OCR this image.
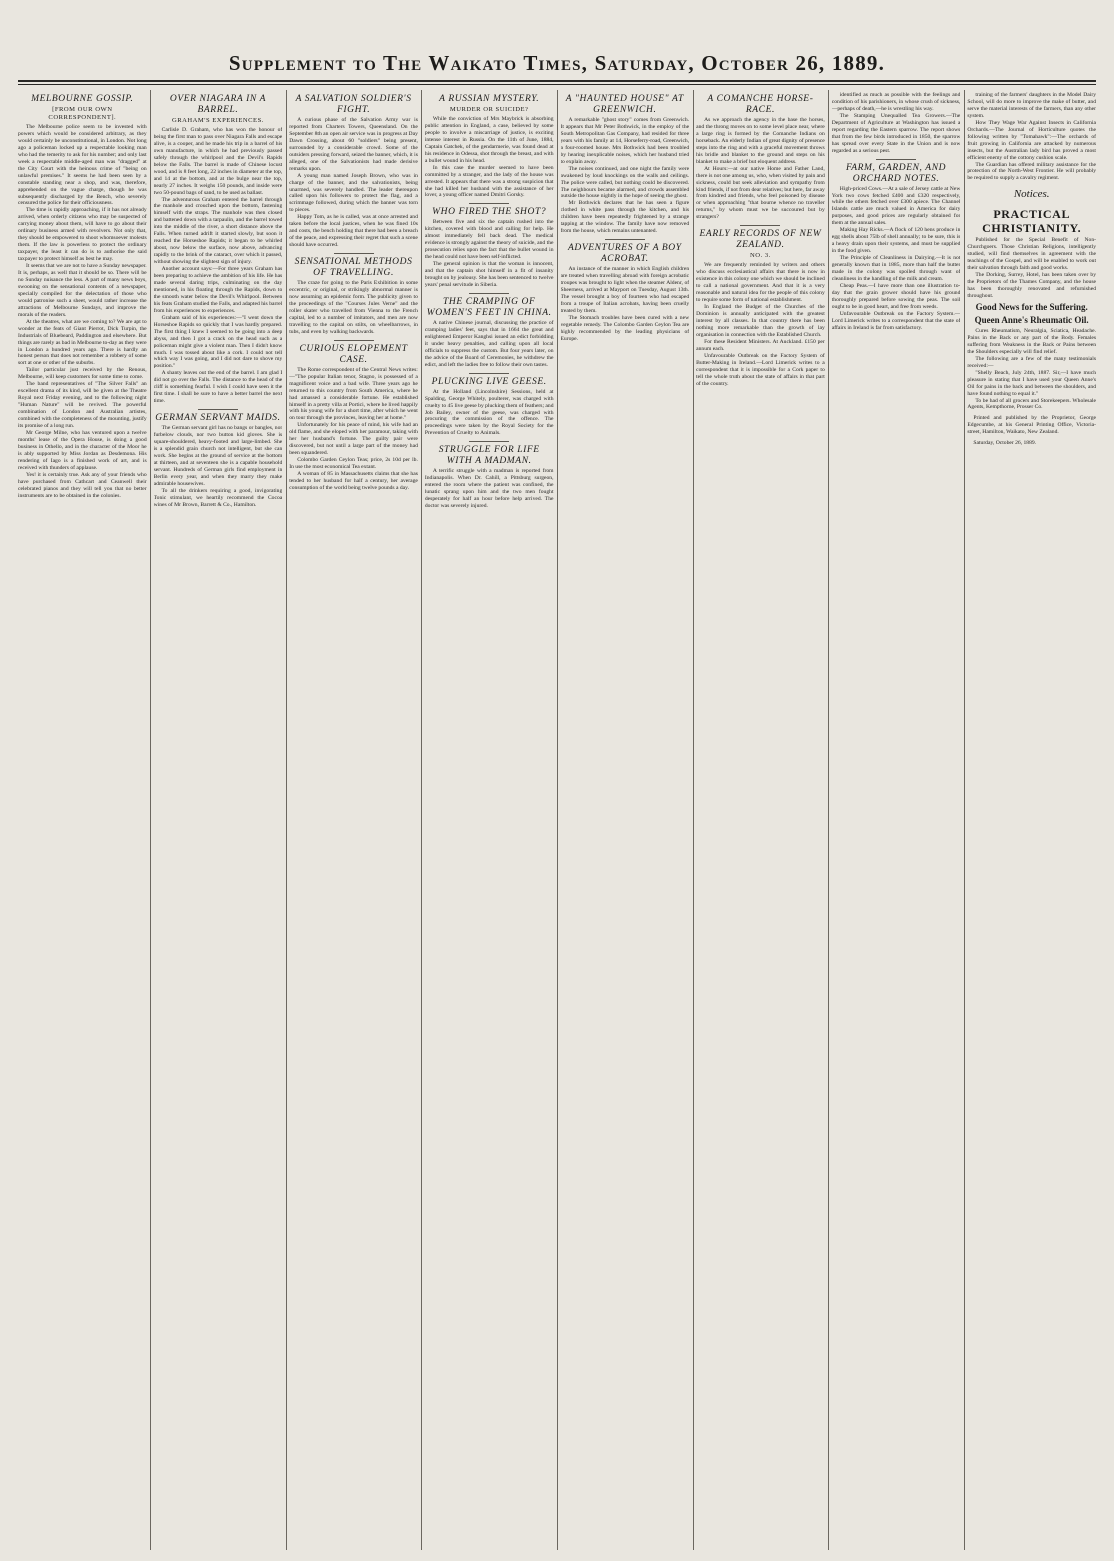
Supplement to The Waikato Times, Saturday, October 26, 1889.
MELBOURNE GOSSIP.
[FROM OUR OWN CORRESPONDENT].

The Melbourne police seem to be invested with powers which would be considered arbitrary, as they would certainly be unconstitutional, in London. Not long ago a policeman locked up a respectable looking man who had the temerity to ask for his number; and only last week a respectable middle-aged man was "dragged" at the City Court with the heinous crime of "being on unlawful premises." It seems he had been seen by a constable standing near a shop, and was, therefore, apprehended on the vague charge, though he was subsequently discharged by the Bench, who severely censured the police for their officiousness.

The time is rapidly approaching, if it has not already arrived, when orderly citizens who may be suspected of carrying money about them, will have to go about their ordinary business armed with revolvers. Not only that, they should be empowered to shoot whomsoever molests them. If the law is powerless to protect the ordinary taxpayer, the least it can do is to authorise the said taxpayer to protect himself as best he may.

It seems that we are not to have a Sunday newspaper. It is, perhaps, as well that it should be so. There will be no Sunday nuisance the less. A part of many news boys, swooning on the sensational contents of a newspaper, specially compiled for the delectation of those who would patronise such a sheet, would rather increase the attractions of Melbourne Sundays, and improve the morals of the readers.

At the theatres, what are we coming to? We are apt to wonder at the feats of Giant Pierrot, Dick Turpin, the Industrials of Bluebeard, Paddington and elsewhere. But things are rarely as bad in Melbourne to-day as they were in London a hundred years ago. There is hardly an honest person that does not remember a robbery of some sort at one or other of the suburbs.

Tailor particular just received by the Renous, Melbourne, will keep customers for some time to come.

The band representatives of "The Silver Falls" an excellent drama of its kind, will be given at the Theatre Royal next Friday evening, and to the following night "Human Nature" will be revived. The powerful combination of London and Australian artistes, combined with the completeness of the mounting, justify its promise of a long run.

Mr George Milne, who has ventured upon a twelve months' lease of the Opera House, is doing a good business in Othello, and in the character of the Moor he is ably supported by Miss Jordan as Desdemona. His rendering of Iago is a finished work of art, and is received with thunders of applause.

Yes! it is certainly true. Ask any of your friends who have purchased from Cathcart and Ceanwell their celebrated pianos and they will tell you that no better instruments are to be obtained in the colonies.

OVER NIAGARA IN A BARREL.
GRAHAM'S EXPERIENCES.

Carlisle D. Graham, who has won the honour of being the first man to pass over Niagara Falls and escape alive, is a cooper, and he made his trip in a barrel of his own manufacture, in which he had previously passed safely through the whirlpool and the Devil's Rapids below the Falls. The barrel is made of Chinese locust wood, and is 8 feet long, 22 inches in diameter at the top, and 14 at the bottom, and at the bulge near the top, nearly 27 inches. It weighs 150 pounds, and inside were two 50-pound bags of sand, to be used as ballast.

The adventurous Graham entered the barrel through the manhole and crouched upon the bottom, fastening himself with the straps. The manhole was then closed and battened down with a tarpaulin, and the barrel towed into the middle of the river, a short distance above the Falls. When turned adrift it started slowly, but soon it reached the Horseshoe Rapids; it began to be whirled about, now below the surface, now above, advancing rapidly to the brink of the cataract, over which it passed, without showing the slightest sign of injury.

Another account says:—For three years Graham has been preparing to achieve the ambition of his life. He has made several daring trips, culminating on the day mentioned, in his floating through the Rapids, down to the smooth water below the Devil's Whirlpool. Between his feats Graham studied the Falls, and adapted his barrel from his experiences to experiences.

Graham said of his experiences:—"I went down the Horseshoe Rapids so quickly that I was hardly prepared. The first thing I knew I seemed to be going into a deep abyss, and then I got a crack on the head such as a policeman might give a violent man. Then I didn't know much. I was tossed about like a cork. I could not tell which way I was going, and I did not dare to shove my position."

A shanty leaves out the end of the barrel. I am glad I did not go over the Falls. The distance to the head of the cliff is something fearful. I wish I could have seen it the first time. I shall be sure to have a better barrel the next time.

GERMAN SERVANT MAIDS.

The German servant girl has no bangs or bangles, nor furbelow clouds, nor two button kid gloves. She is square-shouldered, heavy-footed and large-limbed. She is a splendid grain church not intelligent, but she can work. She begins at the ground of service at the bottom at thirteen, and at seventeen she is a capable household servant. Hundreds of German girls find employment in Berlin every year, and when they marry they make admirable housewives.

To all the drinkers requiring a good, invigorating Tonic stimulant, we heartily recommend the Cocoa wines of Mr Brown, Barrett & Co., Hamilton.

A SALVATION SOLDIER'S FIGHT.

A curious phase of the Salvation Army war is reported from Charters Towers, Queensland. On the September 8th an open air service was in progress at Day Dawn Crossing, about 60 "soldiers" being present, surrounded by a considerable crowd. Some of the outsiders pressing forward, seized the banner, which, it is alleged, one of the Salvationists had made derisive remarks upon.

A young man named Joseph Brown, who was in charge of the banner, and the salvationists, being unarmed, was severely handled. The leader thereupon called upon his followers to protect the flag, and a scrimmage followed, during which the banner was torn to pieces.

Happy Tom, as he is called, was at once arrested and taken before the local justices, when he was fined 10s and costs, the bench holding that there had been a breach of the peace, and expressing their regret that such a scene should have occurred.

SENSATIONAL METHODS OF TRAVELLING.

The craze for going to the Paris Exhibition in some eccentric, or original, or strikingly abnormal manner is now assuming an epidemic form. The publicity given to the proceedings of the "Courses Jules Verne" and the roller skater who travelled from Vienna to the French capital, led to a number of imitators, and men are now travelling to the capital on stilts, on wheelbarrows, in tubs, and even by walking backwards.

CURIOUS ELOPEMENT CASE.

The Rome correspondent of the Central News writes:—"The popular Italian tenor, Stagno, is possessed of a magnificent voice and a bad wife. Three years ago he returned to this country from South America, where he had amassed a considerable fortune. He established himself in a pretty villa at Portici, where he lived happily with his young wife for a short time, after which he went on tour through the provinces, leaving her at home."

Unfortunately for his peace of mind, his wife had an old flame, and she eloped with her paramour, taking with her her husband's fortune. The guilty pair were discovered, but not until a large part of the money had been squandered.

Colombo Garden Ceylon Teas; price, 2s 10d per lb. In use the most economical Tea extant.

A woman of 85 in Massachusetts claims that she has tended to her husband for half a century, her average consumption of the world being twelve pounds a day.

A RUSSIAN MYSTERY.
MURDER OR SUICIDE?

While the conviction of Mrs Maybrick is absorbing public attention in England, a case, believed by some people to involve a miscarriage of justice, is exciting intense interest in Russia. On the 11th of June, 1884, Captain Gatchek, of the gendarmerie, was found dead at his residence in Odessa, shot through the breast, and with a bullet wound in his head.

In this case the murder seemed to have been committed by a stranger, and the lady of the house was arrested. It appears that there was a strong suspicion that she had killed her husband with the assistance of her lover, a young officer named Dmitri Gorsky.

WHO FIRED THE SHOT?

Between five and six the captain rushed into the kitchen, covered with blood and calling for help. He almost immediately fell back dead. The medical evidence is strongly against the theory of suicide, and the prosecution relies upon the fact that the bullet wound in the head could not have been self-inflicted.

The general opinion is that the woman is innocent, and that the captain shot himself in a fit of insanity brought on by jealousy. She has been sentenced to twelve years' penal servitude in Siberia.

THE CRAMPING OF WOMEN'S FEET IN CHINA.

A native Chinese journal, discussing the practice of cramping ladies' feet, says that in 1664 the great and enlightened Emperor Kanghsi issued an edict forbidding it under heavy penalties, and calling upon all local officials to suppress the custom. But four years later, on the advice of the Board of Ceremonies, he withdrew the edict, and left the ladies free to follow their own tastes.

PLUCKING LIVE GEESE.

At the Holland (Lincolnshire) Sessions, held at Spalding, George Whitely, poulterer, was charged with cruelty to 45 live geese by plucking them of feathers; and Job Bailey, owner of the geese, was charged with procuring the commission of the offence. The proceedings were taken by the Royal Society for the Prevention of Cruelty to Animals.

STRUGGLE FOR LIFE WITH A MADMAN.

A terrific struggle with a madman is reported from Indianapolis. When Dr. Cahill, a Pittsburg surgeon, entered the room where the patient was confined, the lunatic sprang upon him and the two men fought desperately for half an hour before help arrived. The doctor was severely injured.

A "HAUNTED HOUSE" AT GREENWICH.

A remarkable "ghost story" comes from Greenwich. It appears that Mr Peter Bothwick, in the employ of the South Metropolitan Gas Company, had resided for three years with his family at 14, Horseferry-road, Greenwich, a four-roomed house. Mrs Bothwick had been troubled by hearing inexplicable noises, which her husband tried to explain away.

The noises continued, and one night the family were awakened by loud knockings on the walls and ceilings. The police were called, but nothing could be discovered. The neighbours became alarmed, and crowds assembled outside the house nightly in the hope of seeing the ghost.

Mr Bothwick declares that he has seen a figure clothed in white pass through the kitchen, and his children have been repeatedly frightened by a strange tapping at the window. The family have now removed from the house, which remains untenanted.

ADVENTURES OF A BOY ACROBAT.

An instance of the manner in which English children are treated when travelling abroad with foreign acrobatic troupes was brought to light when the steamer Aldenr, of Sheerness, arrived at Mayport on Tuesday, August 13th. The vessel brought a boy of fourteen who had escaped from a troupe of Italian acrobats, having been cruelly treated by them.

The Stomach troubles have been cured with a new vegetable remedy. The Colombo Garden Ceylon Tea are highly recommended by the leading physicians of Europe.

A COMANCHE HORSE-RACE.

As we approach the agency in the base the horses, and the throng moves on to some level place near, where a large ring is formed by the Comanche Indians on horseback. An elderly Indian of great dignity of presence steps into the ring and with a graceful movement throws his bridle and blanket to the ground and steps on his blanket to make a brief but eloquent address.

At Hours:—at our native Home and Father Land, there is not one among us, who, when visited by pain and sickness, could but seek alleviation and sympathy from kind friends, if not from dear relatives; but here, far away from kindred and friends, who feel poisoned by disease or when approaching "that bourne whence no traveller returns," by whom must we be succoured but by strangers?

EARLY RECORDS OF NEW ZEALAND.
NO. 3.

We are frequently reminded by writers and others who discuss ecclesiastical affairs that there is now in existence in this colony one which we should be inclined to call a national government. And that it is a very reasonable and natural idea for the people of this colony to require some form of national establishment.

In England the Budget of the Churches of the Dominion is annually anticipated with the greatest interest by all classes. In that country there has been nothing more remarkable than the growth of lay organisation in connection with the Established Church.

For these Resident Ministers. At Auckland. £150 per annum each.

Unfavourable Outbreak on the Factory System of Butter-Making in Ireland.—Lord Limerick writes to a correspondent that it is impossible for a Cork paper to tell the whole truth about the state of affairs in that part of the country.

identified as much as possible with the feelings and condition of his parishioners, in whose crush of sickness,—perhaps of death,—he is wrestling his way.

The Stamping Unequalled Tea Growers.—The Department of Agriculture at Washington has issued a report regarding the Eastern sparrow. The report shows that from the few birds introduced in 1850, the sparrow has spread over every State in the Union and is now regarded as a serious pest.

FARM, GARDEN, AND ORCHARD NOTES.

High-priced Cows.—At a sale of Jersey cattle at New York two cows fetched £400 and £320 respectively, while the others fetched over £300 apiece. The Channel Islands cattle are much valued in America for dairy purposes, and good prices are regularly obtained for them at the annual sales.

Making Hay Ricks.—A flock of 120 hens produce in egg shells about 75lb of shell annually; to be sure, this is a heavy drain upon their systems, and must be supplied in the food given.

The Principle of Cleanliness in Dairying.—It is not generally known that in 1885, more than half the butter made in the colony was spoiled through want of cleanliness in the handling of the milk and cream.

Cheap Peas.—I have more than one illustration to-day that the grain grower should have his ground thoroughly prepared before sowing the peas. The soil ought to be in good heart, and free from weeds.

Unfavourable Outbreak on the Factory System.—Lord Limerick writes to a correspondent that the state of affairs in Ireland is far from satisfactory.

training of the farmers' daughters in the Model Dairy School, will do more to improve the make of butter, and serve the material interests of the farmers, than any other system.

How They Wage War Against Insects in California Orchards.—The Journal of Horticulture quotes the following written by "Tomahawk":—The orchards of fruit growing in California are attacked by numerous insects, but the Australian lady bird has proved a most efficient enemy of the cottony cushion scale.

The Guardian has offered military assistance for the protection of the North-West Frontier. He will probably be required to supply a cavalry regiment.

Notices.
PRACTICAL CHRISTIANITY.

Published for the Special Benefit of Non-Churchgoers. Those Christian Religions, intelligently studied, will find themselves in agreement with the teachings of the Gospel, and will be enabled to work out their salvation through faith and good works.

The Dorking, Surrey, Hotel, has been taken over by the Proprietors of the Thames Company, and the house has been thoroughly renovated and refurnished throughout.

Good News for the Suffering.
Queen Anne's Rheumatic Oil.

Cures Rheumatism, Neuralgia, Sciatica, Headache. Pains in the Back or any part of the Body. Females suffering from Weakness in the Back or Pains between the Shoulders especially will find relief.

The following are a few of the many testimonials received:—

"Shelly Beach, July 24th, 1887. Sir,—I have much pleasure in stating that I have used your Queen Anne's Oil for pains in the back and between the shoulders, and have found nothing to equal it."

To be had of all grocers and Storekeepers. Wholesale Agents, Kempthorne, Prosser Co.

Printed and published by the Proprietor, George Edgecumbe, at his General Printing Office, Victoria-street, Hamilton, Waikato, New Zealand.

Saturday, October 26, 1889.
